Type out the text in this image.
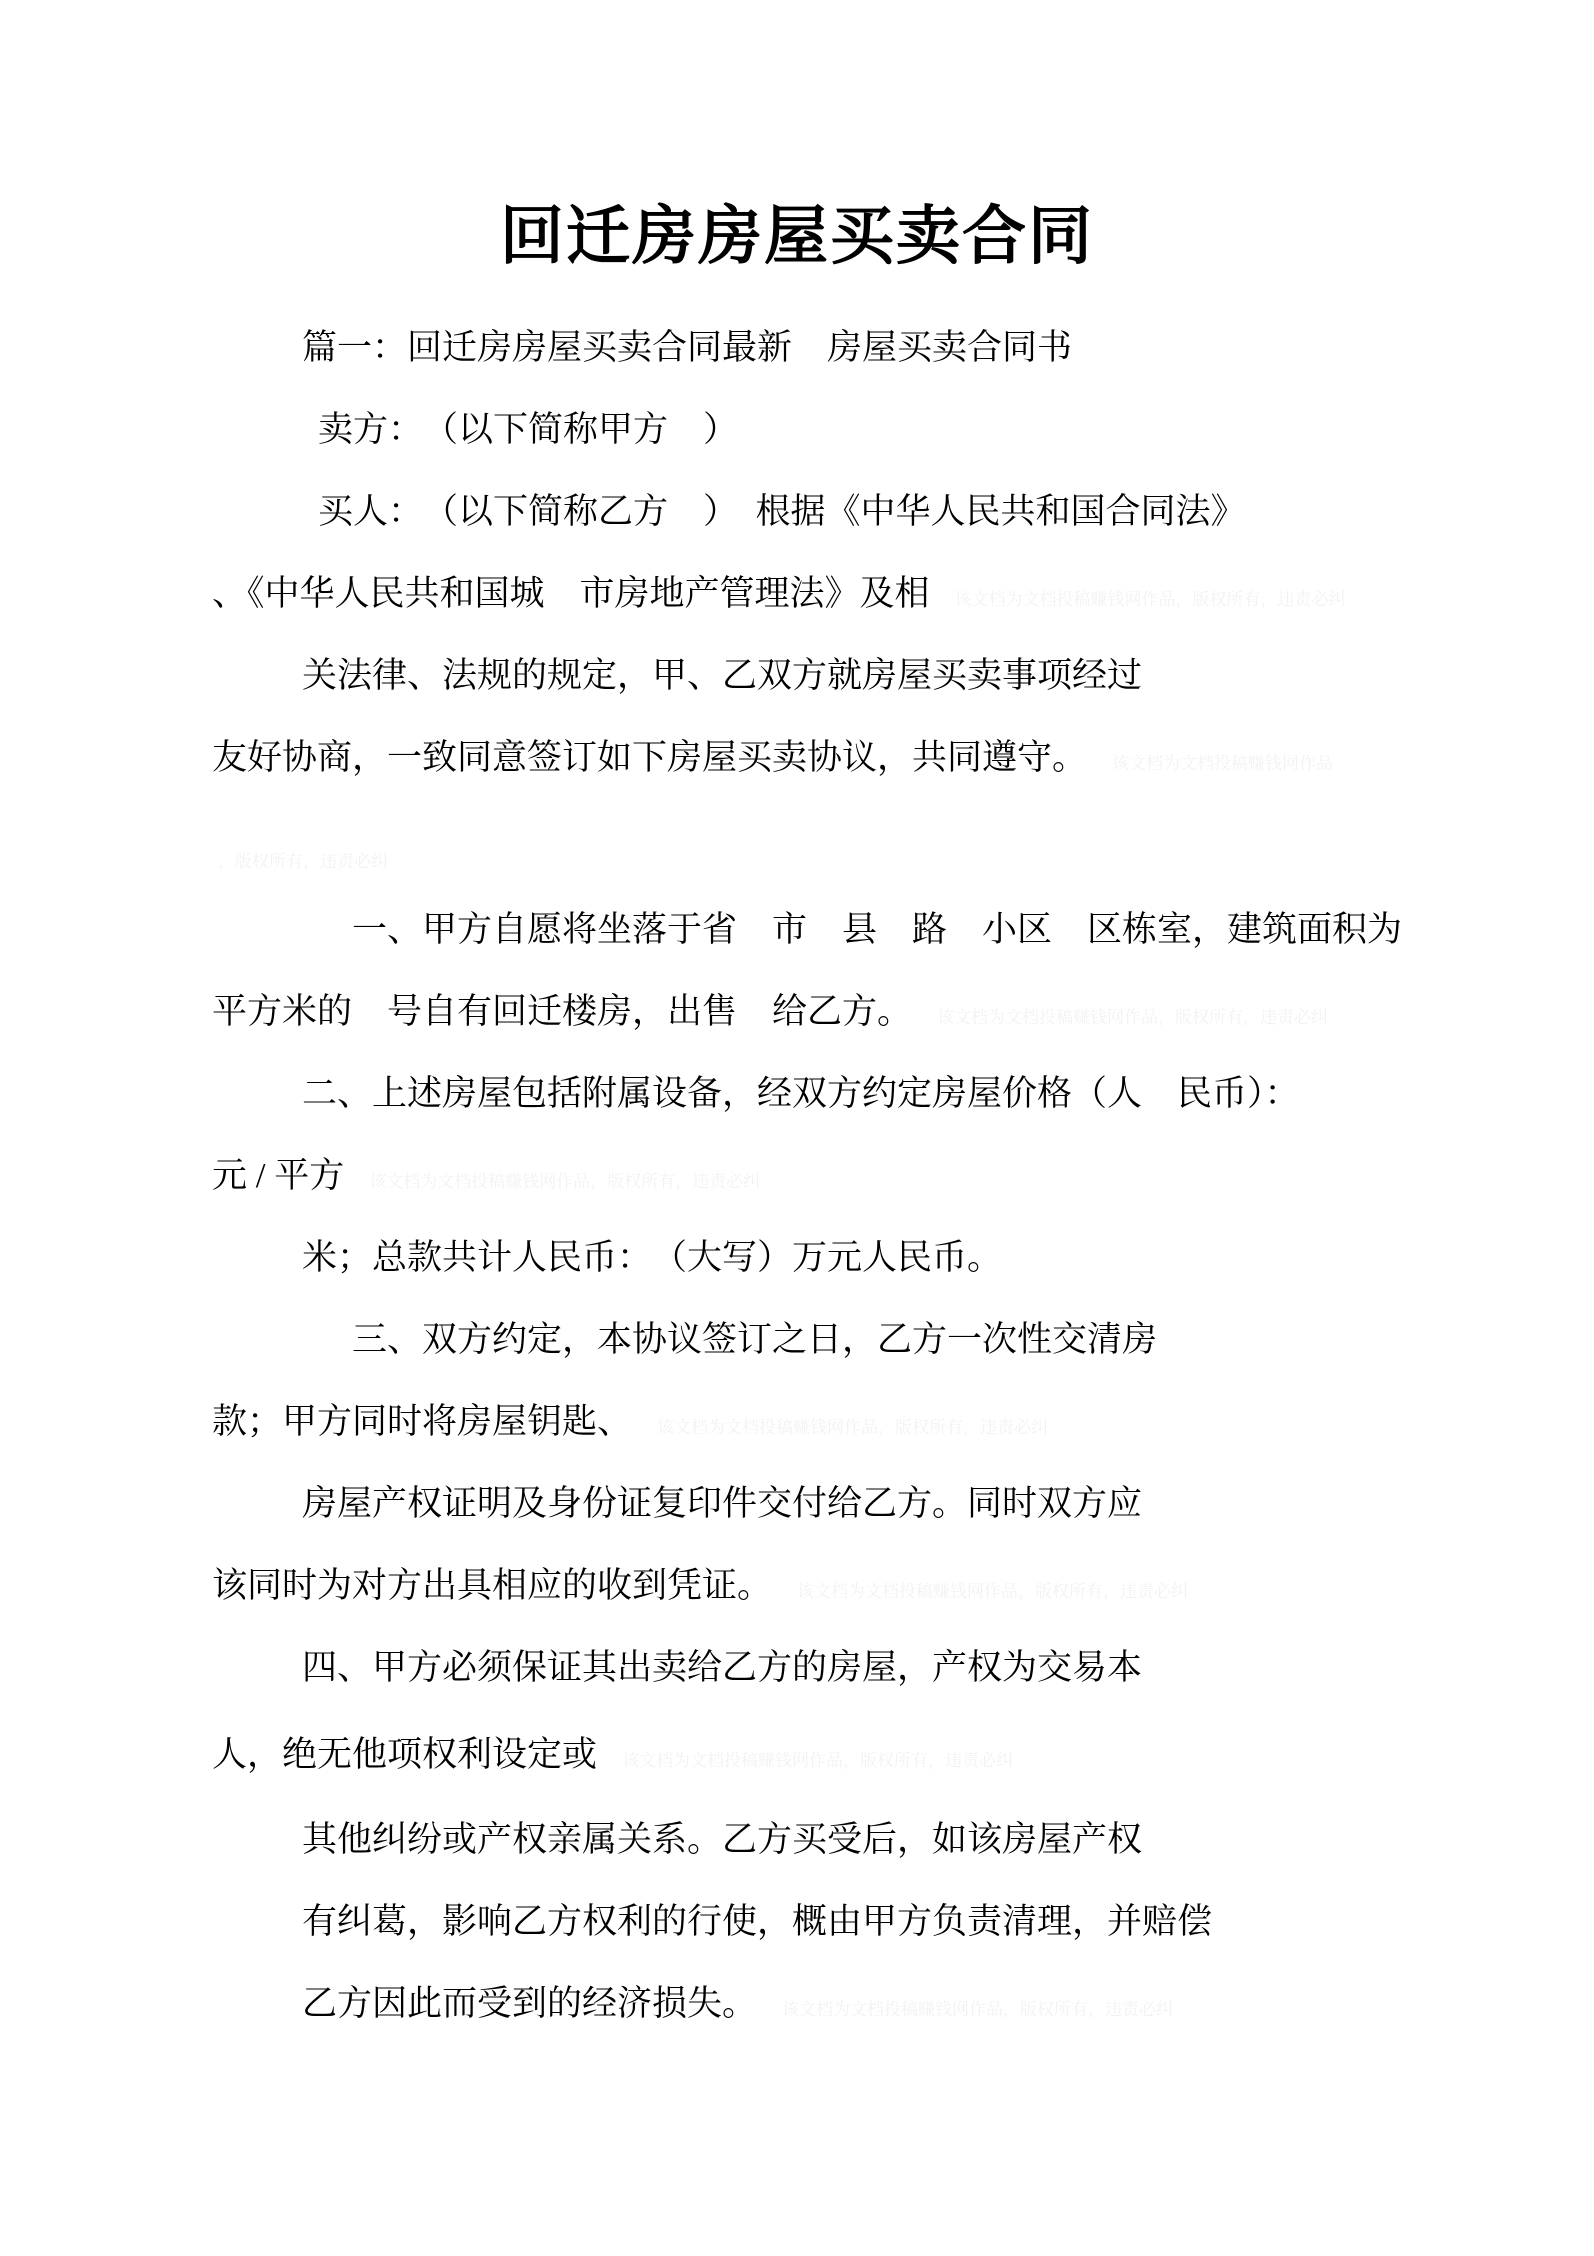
回迁房房屋买卖合同
篇一：回迁房房屋买卖合同最新　房屋买卖合同书
卖方：　（以下简称甲方　）
买人：　（以下简称乙方　）　根据《中华人民共和国合同法》
、《中华人民共和国城　市房地产管理法》及相 该文档为文档投稿赚钱网作品，版权所有，违责必纠
关法律、法规的规定，甲、乙双方就房屋买卖事项经过
友好协商，一致同意签订如下房屋买卖协议，共同遵守。 该文档为文档投稿赚钱网作品
，版权所有，违责必纠
一、甲方自愿将坐落于省　市　县　路　小区　区栋室，建筑面积为
平方米的　号自有回迁楼房，出售　给乙方。 该文档为文档投稿赚钱网作品，版权所有，违责必纠
二、上述房屋包括附属设备，经双方约定房屋价格（人　民币）：
元 / 平方 该文档为文档投稿赚钱网作品，版权所有，违责必纠
米；总款共计人民币：　（大写）万元人民币。
三、双方约定，本协议签订之日，乙方一次性交清房
款；甲方同时将房屋钥匙、 该文档为文档投稿赚钱网作品，版权所有，违责必纠
房屋产权证明及身份证复印件交付给乙方。同时双方应
该同时为对方出具相应的收到凭证。 该文档为文档投稿赚钱网作品，版权所有，违责必纠
四、甲方必须保证其出卖给乙方的房屋，产权为交易本
人，绝无他项权利设定或 该文档为文档投稿赚钱网作品，版权所有，违责必纠
其他纠纷或产权亲属关系。乙方买受后，如该房屋产权
有纠葛，影响乙方权利的行使，概由甲方负责清理，并赔偿
乙方因此而受到的经济损失。 该文档为文档投稿赚钱网作品，版权所有，违责必纠
